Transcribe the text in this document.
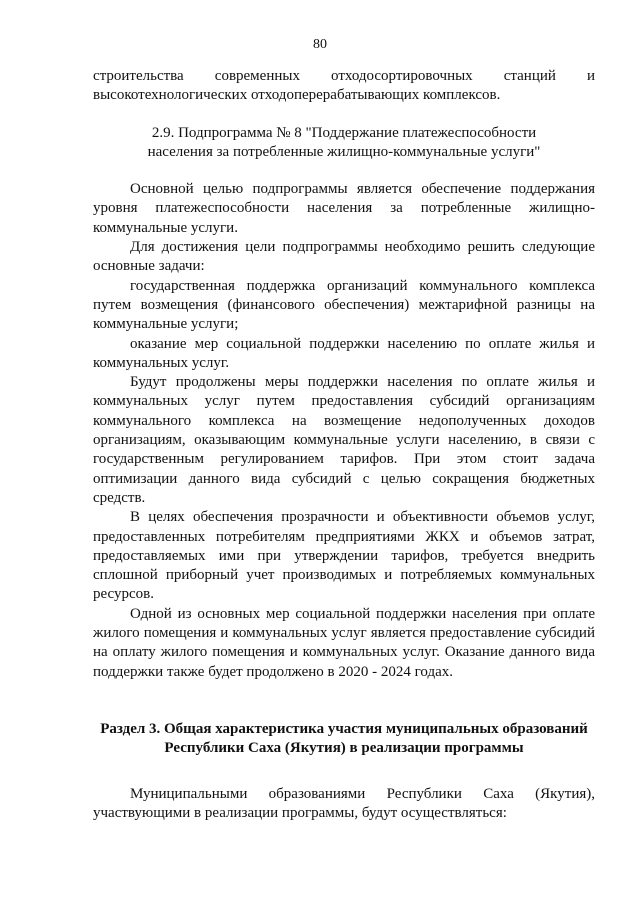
80

строительства современных отходосортировочных станций и высокотехнологических отходоперерабатывающих комплексов.

2.9. Подпрограмма № 8 "Поддержание платежеспособности населения за потребленные жилищно-коммунальные услуги"

Основной целью подпрограммы является обеспечение поддержания уровня платежеспособности населения за потребленные жилищно-коммунальные услуги.

Для достижения цели подпрограммы необходимо решить следующие основные задачи:

государственная поддержка организаций коммунального комплекса путем возмещения (финансового обеспечения) межтарифной разницы на коммунальные услуги;

оказание мер социальной поддержки населению по оплате жилья и коммунальных услуг.

Будут продолжены меры поддержки населения по оплате жилья и коммунальных услуг путем предоставления субсидий организациям коммунального комплекса на возмещение недополученных доходов организациям, оказывающим коммунальные услуги населению, в связи с государственным регулированием тарифов. При этом стоит задача оптимизации данного вида субсидий с целью сокращения бюджетных средств.

В целях обеспечения прозрачности и объективности объемов услуг, предоставленных потребителям предприятиями ЖКХ и объемов затрат, предоставляемых ими при утверждении тарифов, требуется внедрить сплошной приборный учет производимых и потребляемых коммунальных ресурсов.

Одной из основных мер социальной поддержки населения при оплате жилого помещения и коммунальных услуг является предоставление субсидий на оплату жилого помещения и коммунальных услуг. Оказание данного вида поддержки также будет продолжено в 2020 - 2024 годах.

Раздел 3. Общая характеристика участия муниципальных образований Республики Саха (Якутия) в реализации программы

Муниципальными образованиями Республики Саха (Якутия), участвующими в реализации программы, будут осуществляться:
